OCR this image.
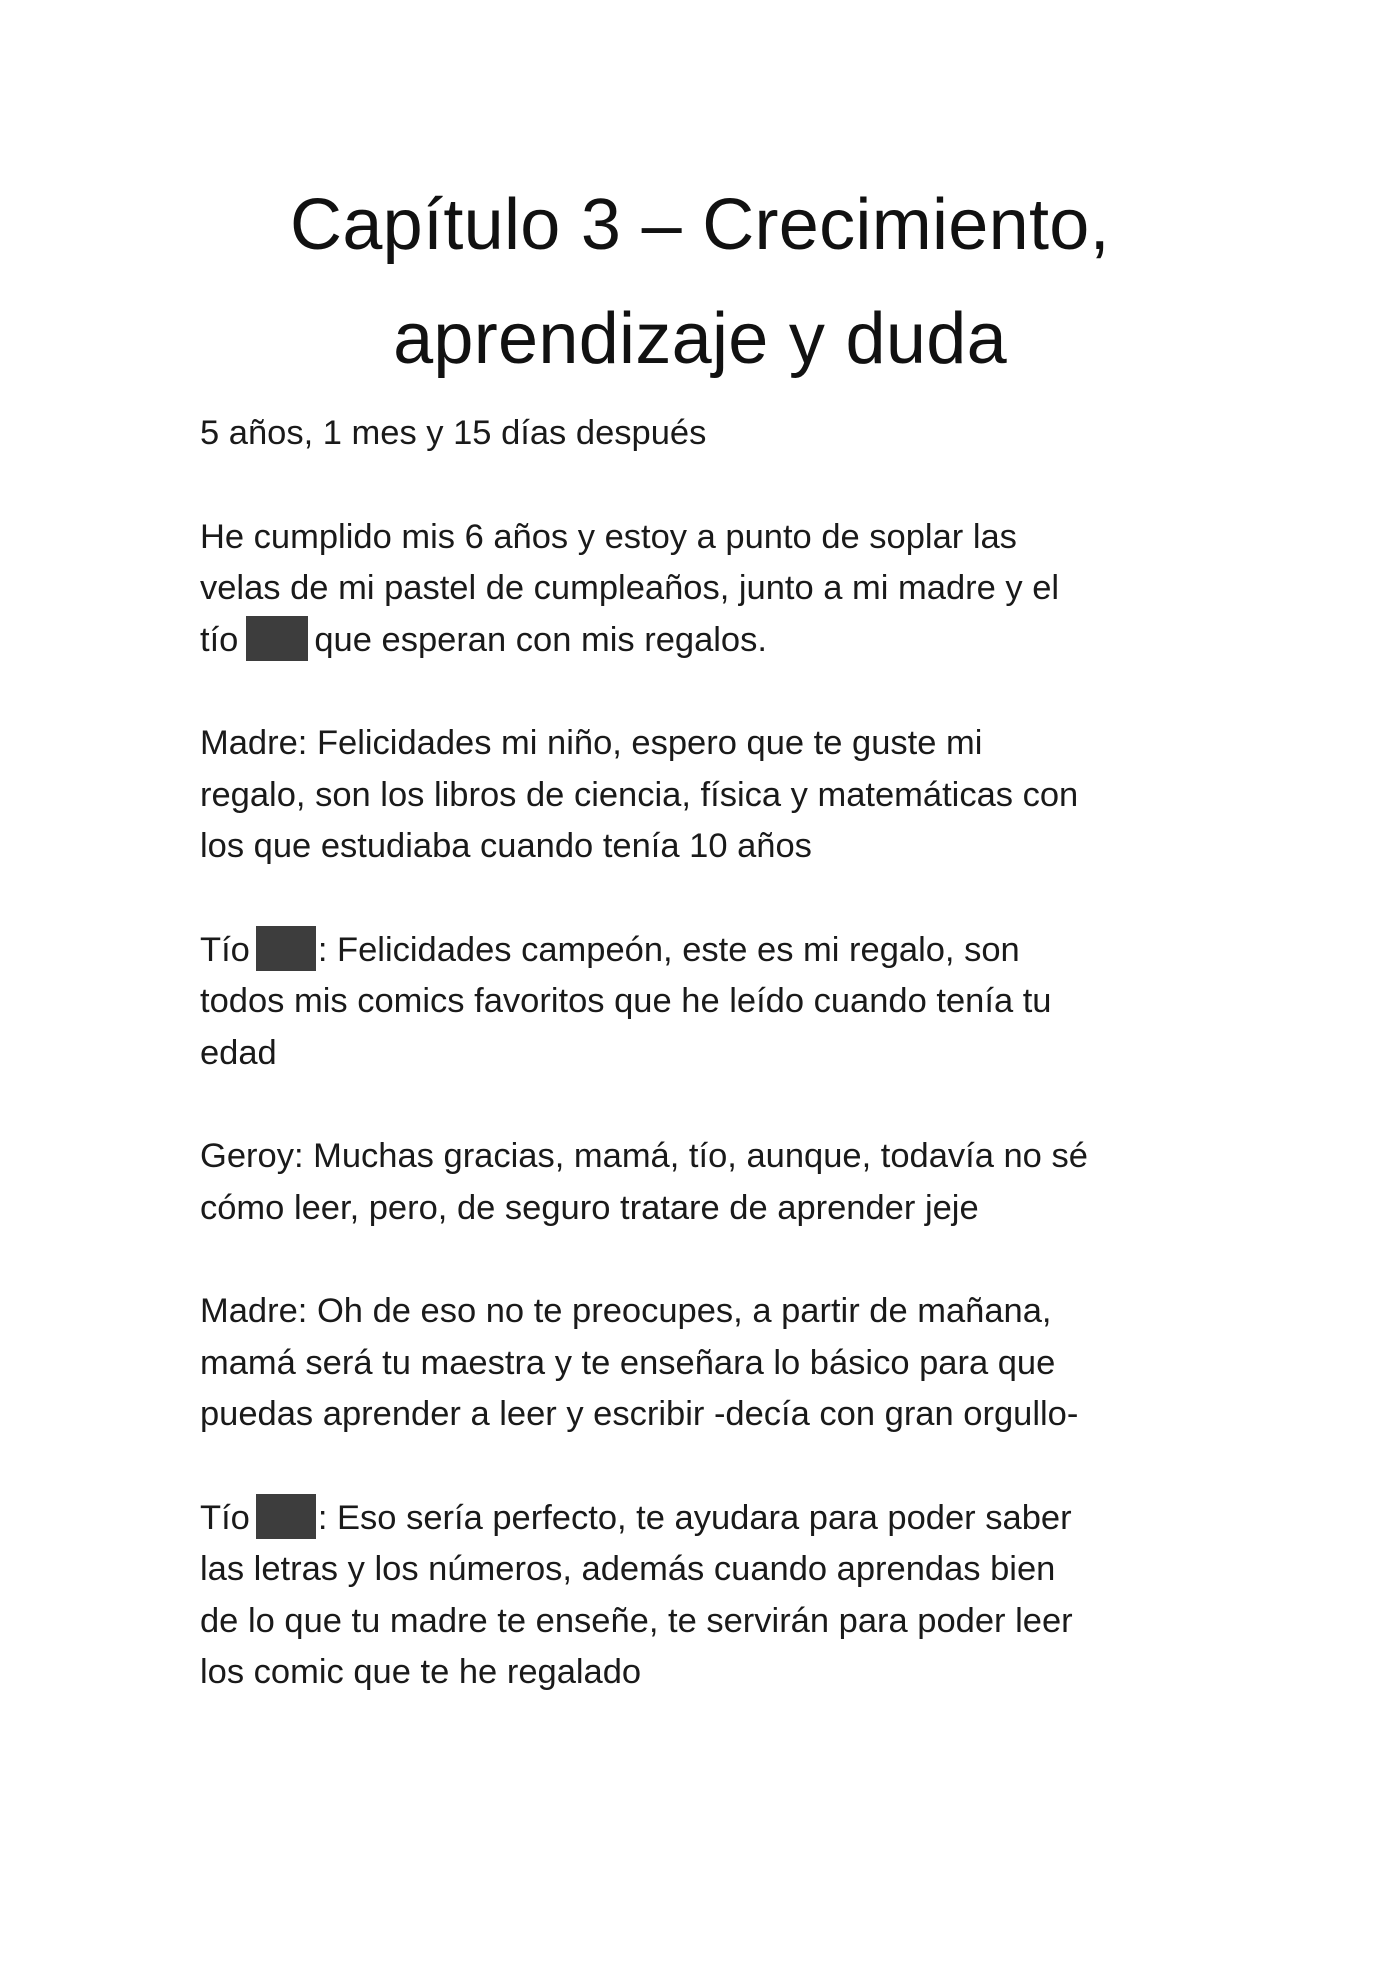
Capítulo 3 – Crecimiento,
aprendizaje y duda

5 años, 1 mes y 15 días después

He cumplido mis 6 años y estoy a punto de soplar las
velas de mi pastel de cumpleaños, junto a mi madre y el
tío que esperan con mis regalos.

Madre: Felicidades mi niño, espero que te guste mi
regalo, son los libros de ciencia, física y matemáticas con
los que estudiaba cuando tenía 10 años

Tío : Felicidades campeón, este es mi regalo, son
todos mis comics favoritos que he leído cuando tenía tu
edad

Geroy: Muchas gracias, mamá, tío, aunque, todavía no sé
cómo leer, pero, de seguro tratare de aprender jeje

Madre: Oh de eso no te preocupes, a partir de mañana,
mamá será tu maestra y te enseñara lo básico para que
puedas aprender a leer y escribir -decía con gran orgullo-

Tío : Eso sería perfecto, te ayudara para poder saber
las letras y los números, además cuando aprendas bien
de lo que tu madre te enseñe, te servirán para poder leer
los comic que te he regalado
